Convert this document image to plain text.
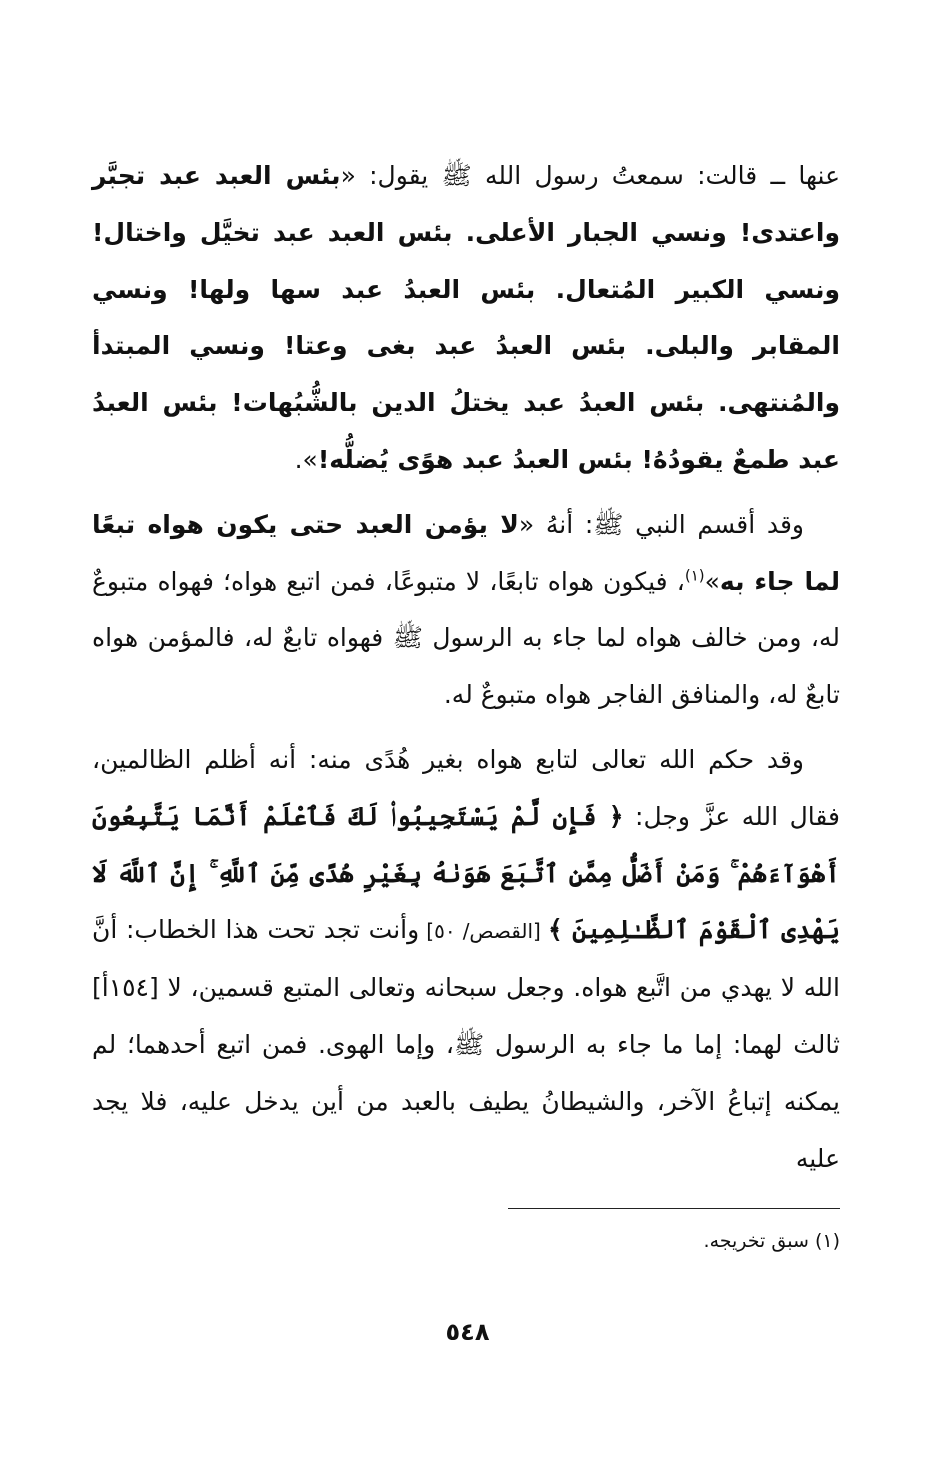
عنها ــ قالت: سمعتُ رسول الله ﷺ يقول: «بئس العبد عبد تجبَّر واعتدى! ونسي الجبار الأعلى. بئس العبد عبد تخيَّل واختال! ونسي الكبير المُتعال. بئس العبدُ عبد سها ولها! ونسي المقابر والبلى. بئس العبدُ عبد بغى وعتا! ونسي المبتدأ والمُنتهى. بئس العبدُ عبد يختلُ الدين بالشُّبُهات! بئس العبدُ عبد طمعٌ يقودُهُ! بئس العبدُ عبد هوًى يُضلُّه!».

وقد أقسم النبي ﷺ: أنهُ «لا يؤمن العبد حتى يكون هواه تبعًا لما جاء به»$^{(١)}$، فيكون هواه تابعًا، لا متبوعًا، فمن اتبع هواه؛ فهواه متبوعٌ له، ومن خالف هواه لما جاء به الرسول ﷺ فهواه تابعٌ له، فالمؤمن هواه تابعٌ له، والمنافق الفاجر هواه متبوعٌ له.

وقد حكم الله تعالى لتابع هواه بغير هُدًى منه: أنه أظلم الظالمين، فقال الله عزَّ وجل: ﴿ فَإِن لَّمْ يَسْتَجِيبُوا۟ لَكَ فَٱعْلَمْ أَنَّمَا يَتَّبِعُونَ أَهْوَآءَهُمْ ۚ وَمَنْ أَضَلُّ مِمَّنِ ٱتَّبَعَ هَوَىٰهُ بِغَيْرِ هُدًى مِّنَ ٱللَّهِ ۚ إِنَّ ٱللَّهَ لَا يَهْدِى ٱلْقَوْمَ ٱلظَّـٰلِمِينَ ﴾ [القصص/ ٥٠] وأنت تجد تحت هذا الخطاب: أنَّ الله لا يهدي من اتَّبع هواه. وجعل سبحانه وتعالى المتبع قسمين، لا [١٥٤أ] ثالث لهما: إما ما جاء به الرسول ﷺ، وإما الهوى. فمن اتبع أحدهما؛ لم يمكنه إتباعُ الآخر، والشيطانُ يطيف بالعبد من أين يدخل عليه، فلا يجد عليه

(١) سبق تخريجه.
٥٤٨
